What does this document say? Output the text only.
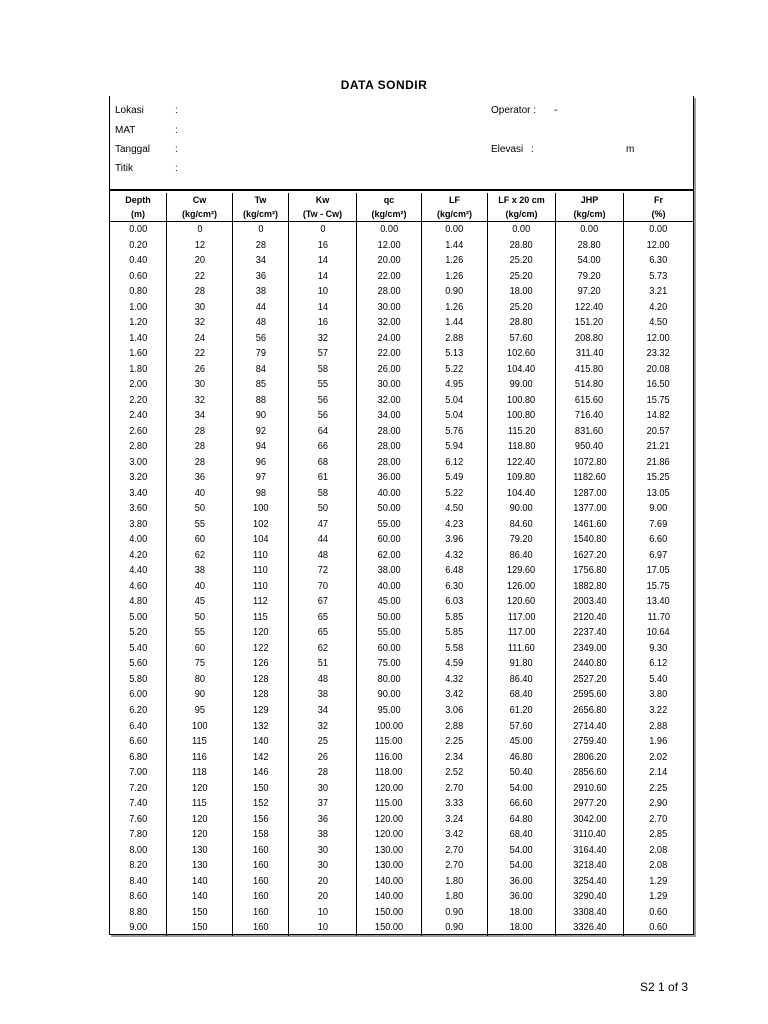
DATA SONDIR
Lokasi	:
MAT	:
Tanggal :
Titik	:
Operator : -
Elevasi :	m
Depth	Cw	Tw	Kw	qc	LF	LF x 20 cm	JHP	Fr
(m)	(kg/cm²)	(kg/cm²)	(Tw - Cw)	(kg/cm²)	(kg/cm²)	(kg/cm)	(kg/cm)	(%)
0.00	0	0	0	0.00	0.00	0.00	0.00	0.00
0.20	12	28	16	12.00	1.44	28.80	28.80	12.00
0.40	20	34	14	20.00	1.26	25.20	54.00	6.30
0.60	22	36	14	22.00	1.26	25.20	79.20	5.73
0.80	28	38	10	28.00	0.90	18.00	97.20	3.21
1.00	30	44	14	30.00	1.26	25.20	122.40	4.20
1.20	32	48	16	32.00	1.44	28.80	151.20	4.50
1.40	24	56	32	24.00	2.88	57.60	208.80	12.00
1.60	22	79	57	22.00	5.13	102.60	311.40	23.32
1.80	26	84	58	26.00	5.22	104.40	415.80	20.08
2.00	30	85	55	30.00	4.95	99.00	514.80	16.50
2.20	32	88	56	32.00	5.04	100.80	615.60	15.75
2.40	34	90	56	34.00	5.04	100.80	716.40	14.82
2.60	28	92	64	28.00	5.76	115.20	831.60	20.57
2.80	28	94	66	28.00	5.94	118.80	950.40	21.21
3.00	28	96	68	28.00	6.12	122.40	1072.80	21.86
3.20	36	97	61	36.00	5.49	109.80	1182.60	15.25
3.40	40	98	58	40.00	5.22	104.40	1287.00	13.05
3.60	50	100	50	50.00	4.50	90.00	1377.00	9.00
3.80	55	102	47	55.00	4.23	84.60	1461.60	7.69
4.00	60	104	44	60.00	3.96	79.20	1540.80	6.60
4.20	62	110	48	62.00	4.32	86.40	1627.20	6.97
4.40	38	110	72	38.00	6.48	129.60	1756.80	17.05
4.60	40	110	70	40.00	6.30	126.00	1882.80	15.75
4.80	45	112	67	45.00	6.03	120.60	2003.40	13.40
5.00	50	115	65	50.00	5.85	117.00	2120.40	11.70
5.20	55	120	65	55.00	5.85	117.00	2237.40	10.64
5.40	60	122	62	60.00	5.58	111.60	2349.00	9.30
5.60	75	126	51	75.00	4.59	91.80	2440.80	6.12
5.80	80	128	48	80.00	4.32	86.40	2527.20	5.40
6.00	90	128	38	90.00	3.42	68.40	2595.60	3.80
6.20	95	129	34	95.00	3.06	61.20	2656.80	3.22
6.40	100	132	32	100.00	2.88	57.60	2714.40	2.88
6.60	115	140	25	115.00	2.25	45.00	2759.40	1.96
6.80	116	142	26	116.00	2.34	46.80	2806.20	2.02
7.00	118	146	28	118.00	2.52	50.40	2856.60	2.14
7.20	120	150	30	120.00	2.70	54.00	2910.60	2.25
7.40	115	152	37	115.00	3.33	66.60	2977.20	2.90
7.60	120	156	36	120.00	3.24	64.80	3042.00	2.70
7.80	120	158	38	120.00	3.42	68.40	3110.40	2.85
8.00	130	160	30	130.00	2.70	54.00	3164.40	2.08
8.20	130	160	30	130.00	2.70	54.00	3218.40	2.08
8.40	140	160	20	140.00	1.80	36.00	3254.40	1.29
8.60	140	160	20	140.00	1.80	36.00	3290.40	1.29
8.80	150	160	10	150.00	0.90	18.00	3308.40	0.60
9.00	150	160	10	150.00	0.90	18.00	3326.40	0.60
S2 1 of 3
